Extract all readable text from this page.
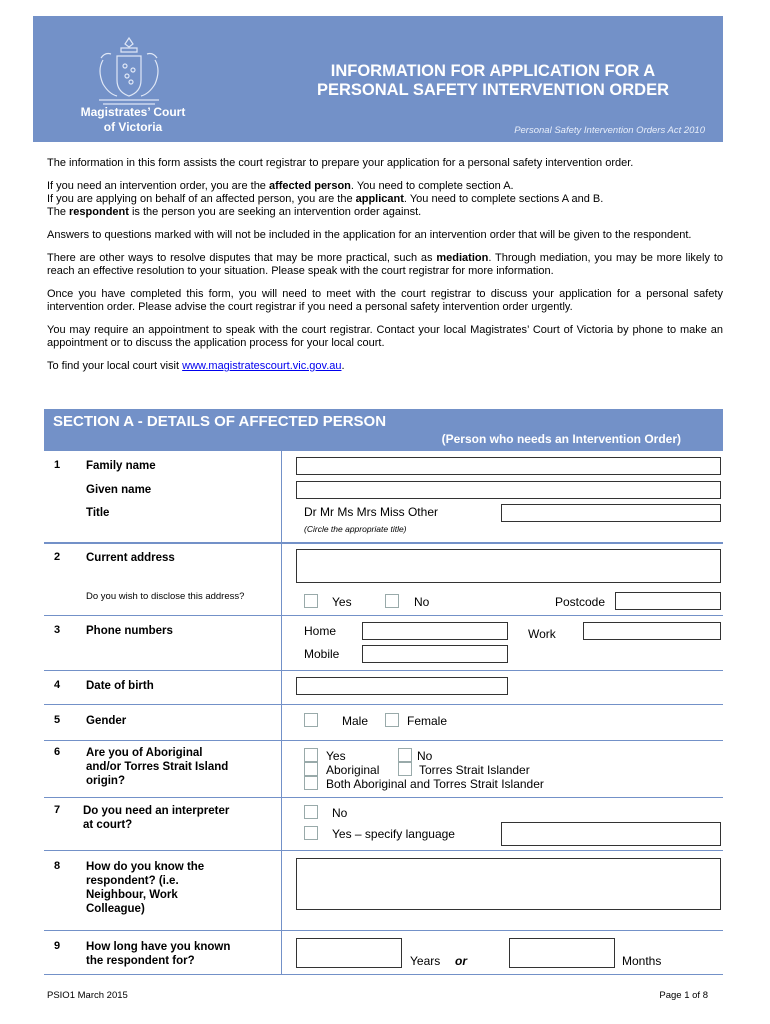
Magistrates’ Court
of Victoria
INFORMATION FOR APPLICATION FOR A
PERSONAL SAFETY INTERVENTION ORDER
Personal Safety Intervention Orders Act 2010

The information in this form assists the court registrar to prepare your application for a personal safety intervention order.

If you need an intervention order, you are the affected person. You need to complete section A.

If you are applying on behalf of an affected person, you are the applicant. You need to complete sections A and B.

The respondent is the person you are seeking an intervention order against.

Answers to questions marked with will not be included in the application for an intervention order that will be given to the respondent.

There are other ways to resolve disputes that may be more practical, such as mediation. Through mediation, you may be more likely to reach an effective resolution to your situation. Please speak with the court registrar for more information.

Once you have completed this form, you will need to meet with the court registrar to discuss your application for a personal safety intervention order. Please advise the court registrar if you need a personal safety intervention order urgently.

You may require an appointment to speak with the court registrar. Contact your local Magistrates’ Court of Victoria by phone to make an appointment or to discuss the application process for your local court.

To find your local court visit www.magistratescourt.vic.gov.au.

SECTION A - DETAILS OF AFFECTED PERSON
(Person who needs an Intervention Order)
1 Family name
Given name
Title	Dr Mr Ms Mrs Miss Other
(Circle the appropriate title)
2 Current address
Do you wish to disclose this address?	Yes	No	Postcode
3 Phone numbers	Home	Work
Mobile
4 Date of birth
5 Gender	Male	Female
6 Are you of Aboriginal
and/or Torres Strait Island
origin?
Yes	No
Aboriginal	Torres Strait Islander
Both Aboriginal and Torres Strait Islander
7 Do you need an interpreter
at court?
No
Yes – specify language
8 How do you know the
respondent? (i.e.
Neighbour, Work
Colleague)
9 How long have you known
the respondent for?	Years or	Months
PSIO1 March 2015	Page 1 of 8
